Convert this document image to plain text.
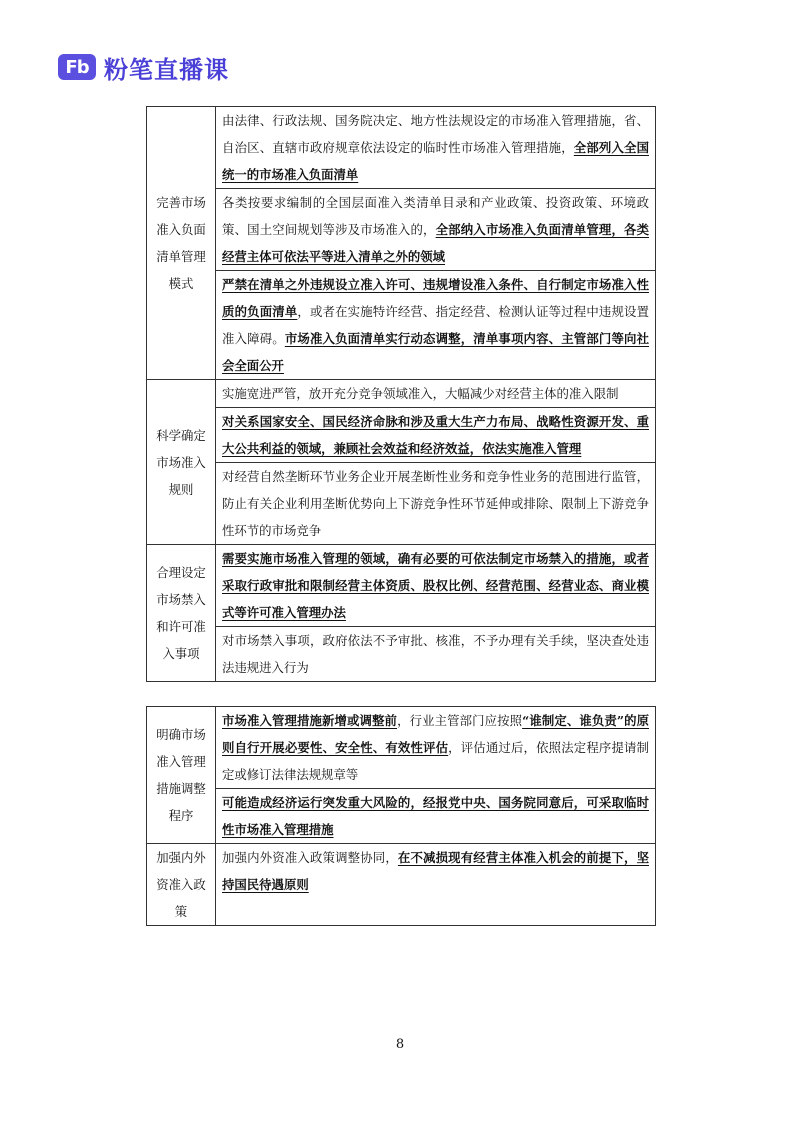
Fb 粉笔直播课
完善市场准入负面清单管理模式	由法律、行政法规、国务院决定、地方性法规设定的市场准入管理措施，省、自治区、直辖市政府规章依法设定的临时性市场准入管理措施，全部列入全国统一的市场准入负面清单
	各类按要求编制的全国层面准入类清单目录和产业政策、投资政策、环境政策、国土空间规划等涉及市场准入的，全部纳入市场准入负面清单管理，各类经营主体可依法平等进入清单之外的领域
	严禁在清单之外违规设立准入许可、违规增设准入条件、自行制定市场准入性质的负面清单，或者在实施特许经营、指定经营、检测认证等过程中违规设置准入障碍。市场准入负面清单实行动态调整，清单事项内容、主管部门等向社会全面公开
科学确定市场准入规则	实施宽进严管，放开充分竞争领域准入，大幅减少对经营主体的准入限制
	对关系国家安全、国民经济命脉和涉及重大生产力布局、战略性资源开发、重大公共利益的领域，兼顾社会效益和经济效益，依法实施准入管理
	对经营自然垄断环节业务企业开展垄断性业务和竞争性业务的范围进行监管，防止有关企业利用垄断优势向上下游竞争性环节延伸或排除、限制上下游竞争性环节的市场竞争
合理设定市场禁入和许可准入事项	需要实施市场准入管理的领域，确有必要的可依法制定市场禁入的措施，或者采取行政审批和限制经营主体资质、股权比例、经营范围、经营业态、商业模式等许可准入管理办法
	对市场禁入事项，政府依法不予审批、核准，不予办理有关手续，坚决查处违法违规进入行为
明确市场准入管理措施调整程序	市场准入管理措施新增或调整前，行业主管部门应按照“谁制定、谁负责”的原则自行开展必要性、安全性、有效性评估，评估通过后，依照法定程序提请制定或修订法律法规规章等
	可能造成经济运行突发重大风险的，经报党中央、国务院同意后，可采取临时性市场准入管理措施
加强内外资准入政策	加强内外资准入政策调整协同，在不减损现有经营主体准入机会的前提下，坚持国民待遇原则
8
